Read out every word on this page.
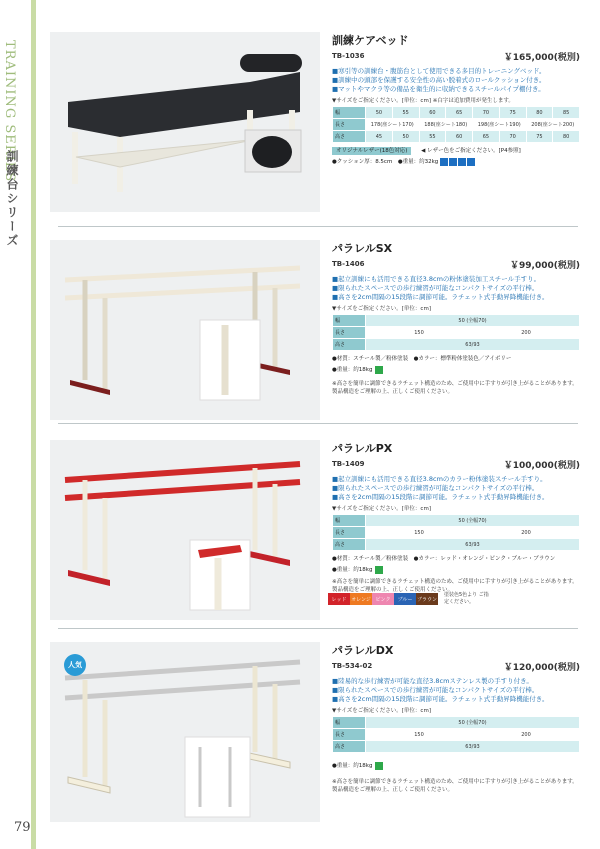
TRAINING SERIES
訓練台シリーズ
79
訓練ケアベッド
TB-1036	￥165,000(税別)
■ 寒引等の訓練台・腹筋台として使用できる多目的トレーニングベッド。
■ 訓練中の頭部を保護する安全性の高い脱着式のロールクッション付き。
■ マットやマクラ等の備品を衛生的に収納できるスチールパイプ棚付き。
▼サイズをご指定ください。[単位：cm] ※白字は追加費用が発生します。
幅	50	55	60	65	70	75	80	85
長さ	178(座シート170)		188(座シート180)		198(座シート190)		208(座シート200)	
高さ	45	50	55	60	65	70	75	80
オリジナルレザー(18色対応)	◀ レザー色をご指定ください。[P4参照]
●クッション厚：8.5cm　●重量：約32kg
パラレルSX
TB-1406	￥99,000(税別)
■ 起立訓練にも活用できる直径3.8cmの粉体塗装加工スチール手すり。
■ 限られたスペースでの歩行練習が可能なコンパクトサイズの平行棒。
■ 高さを2cm間隔の15段階に調節可能。ラチェット式手動昇降機能付き。
▼サイズをご指定ください。[単位：cm]
幅	50 (全幅70)	
長さ	150	200
高さ	63/93	
●材質：スチール製／粉体塗装　●カラー：標準粉体塗装色／アイボリー
●重量：約18kg
※高さを簡単に調節できるラチェット構造のため、ご使用中に手すりが引き上がることがあります。製品構造をご理解の上、正しくご使用ください。
パラレルPX
TB-1409	￥100,000(税別)
■ 起立訓練にも活用できる直径3.8cmのカラー粉体塗装スチール手すり。
■ 限られたスペースでの歩行練習が可能なコンパクトサイズの平行棒。
■ 高さを2cm間隔の15段階に調節可能。ラチェット式手動昇降機能付き。
▼サイズをご指定ください。[単位：cm]
幅	50 (全幅70)	
長さ	150	200
高さ	63/93	
●材質：スチール製／粉体塗装　●カラー：レッド・オレンジ・ピンク・ブルー・ブラウン
●重量：約18kg
※高さを簡単に調節できるラチェット構造のため、ご使用中に手すりが引き上がることがあります。製品構造をご理解の上、正しくご使用ください。
レッド オレンジ ピンク	ブルー ブラウン
塗装色5色より ご指定ください。
人気
パラレルDX
TB-534-02	￥120,000(税別)
■ 陸易的な歩行練習が可能な直径3.8cmステンレス製の手すり付き。
■ 限られたスペースでの歩行練習が可能なコンパクトサイズの平行棒。
■ 高さを2cm間隔の15段階に調節可能。ラチェット式手動昇降機能付き。
▼サイズをご指定ください。[単位：cm]
幅	50 (全幅70)	
長さ	150	200
高さ	63/93	
●重量：約18kg
※高さを簡単に調節できるラチェット構造のため、ご使用中に手すりが引き上がることがあります。製品構造をご理解の上、正しくご使用ください。
